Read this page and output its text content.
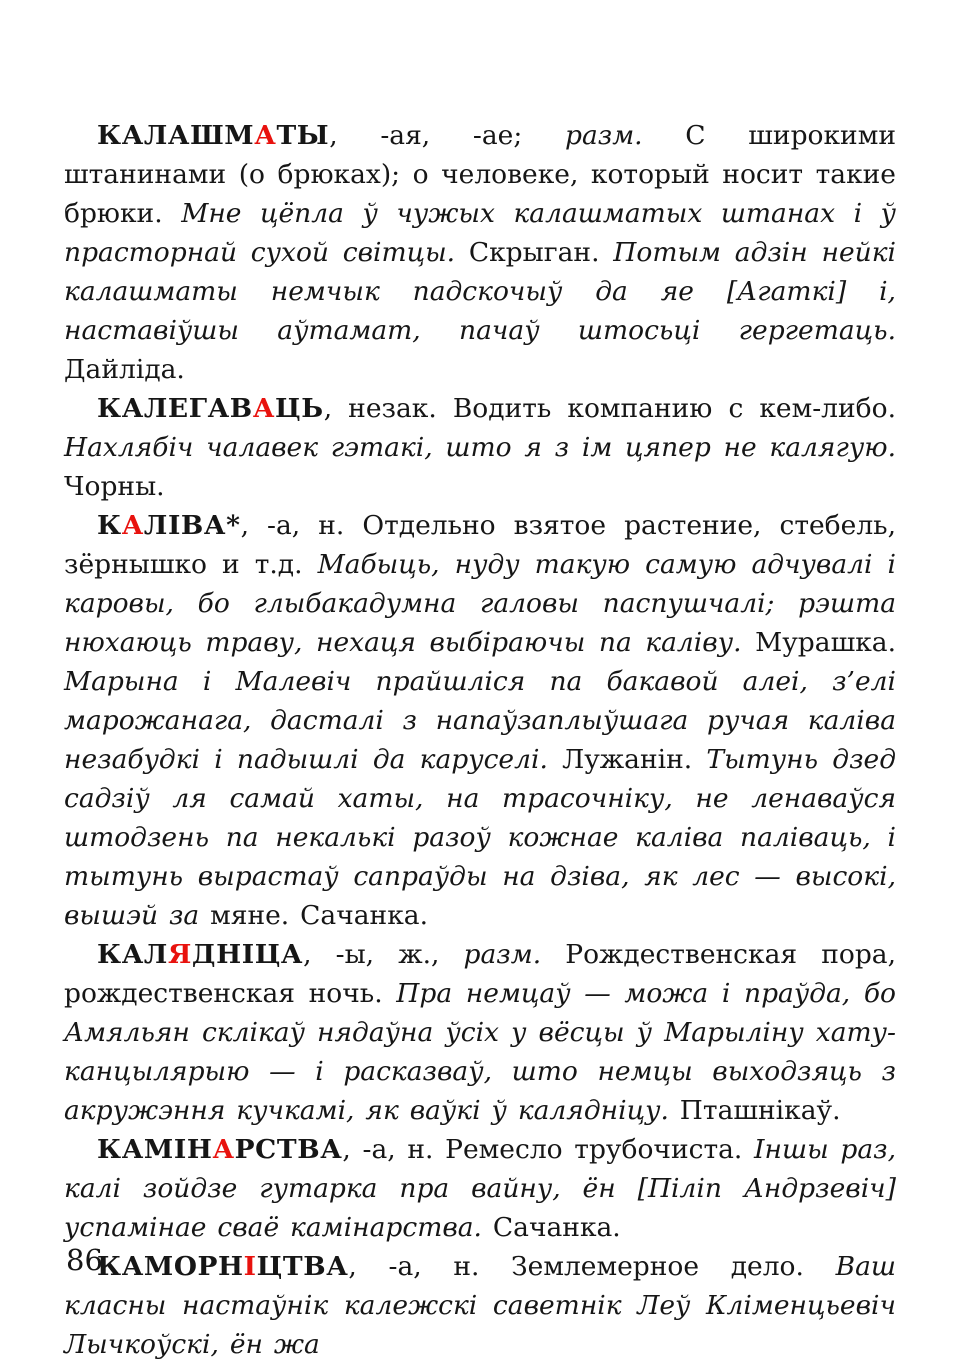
КАЛАШМАТЫ, -ая, -ае; разм. С широкими штанинами (о брюках); о человеке, который носит такие брюки. Мне цёпла ў чужых калашматых штанах і ў прасторнай сухой світцы. Скрыган. Потым адзін нейкі калашматы немчык падскочыў да яе [Агаткі] і, наставіўшы аўтамат, пачаў штосьці гергетаць. Дайліда.

КАЛЕГАВАЦЬ, незак. Водить компанию с кем-либо. Нахлябіч чалавек гэтакі, што я з ім цяпер не калягую. Чорны.

КАЛІВА*, -а, н. Отдельно взятое растение, стебель, зёрнышко и т.д. Мабыць, нуду такую самую адчувалі і каровы, бо глыбакадумна галовы паспушчалі; рэшта нюхаюць траву, нехаця выбіраючы па каліву. Мурашка. Марына і Малевіч прайшліся па бакавой алеі, з’елі марожанага, дасталі з напаўзаплыўшага ручая каліва незабудкі і падышлі да каруселі. Лужанін. Тытунь дзед садзіў ля самай хаты, на трасочніку, не ленаваўся штодзень па некалькі разоў кожнае каліва паліваць, і тытунь вырастаў сапраўды на дзіва, як лес — высокі, вышэй за мяне. Сачанка.

КАЛЯДНІЦА, -ы, ж., разм. Рождественская пора, рождественская ночь. Пра немцаў — можа і праўда, бо Амяльян склікаў нядаўна ўсіх у вёсцы ў Марыліну хату-канцылярыю — і расказваў, што немцы выходзяць з акружэння кучкамі, як ваўкі ў калядніцу. Пташнікаў.

КАМІНАРСТВА, -а, н. Ремесло трубочиста. Іншы раз, калі зойдзе гутарка пра вайну, ён [Піліп Андрзевіч] успамінае сваё камінарства. Сачанка.

КАМОРНІЦТВА, -а, н. Землемерное дело. Ваш класны настаўнік калежскі саветнік Леў Кліменцьевіч Лычкоўскі, ён жа

86
